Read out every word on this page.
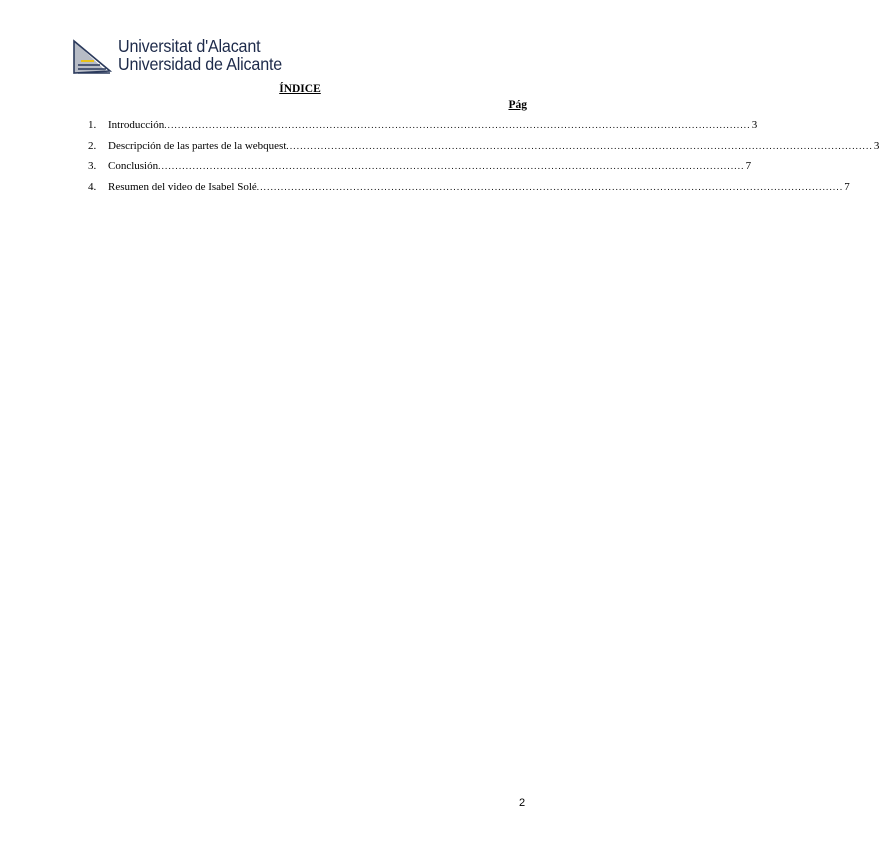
Universitat d'Alacant
Universidad de Alicante
ÍNDICE
Pág
1.	Introducción .......................................................................................................................................................................... 3
2.	Descripción de las partes de la webquest .......................................................................................................................................................................... 3
3.	Conclusión .......................................................................................................................................................................... 7
4.	Resumen del video de Isabel Solé .......................................................................................................................................................................... 7
2
